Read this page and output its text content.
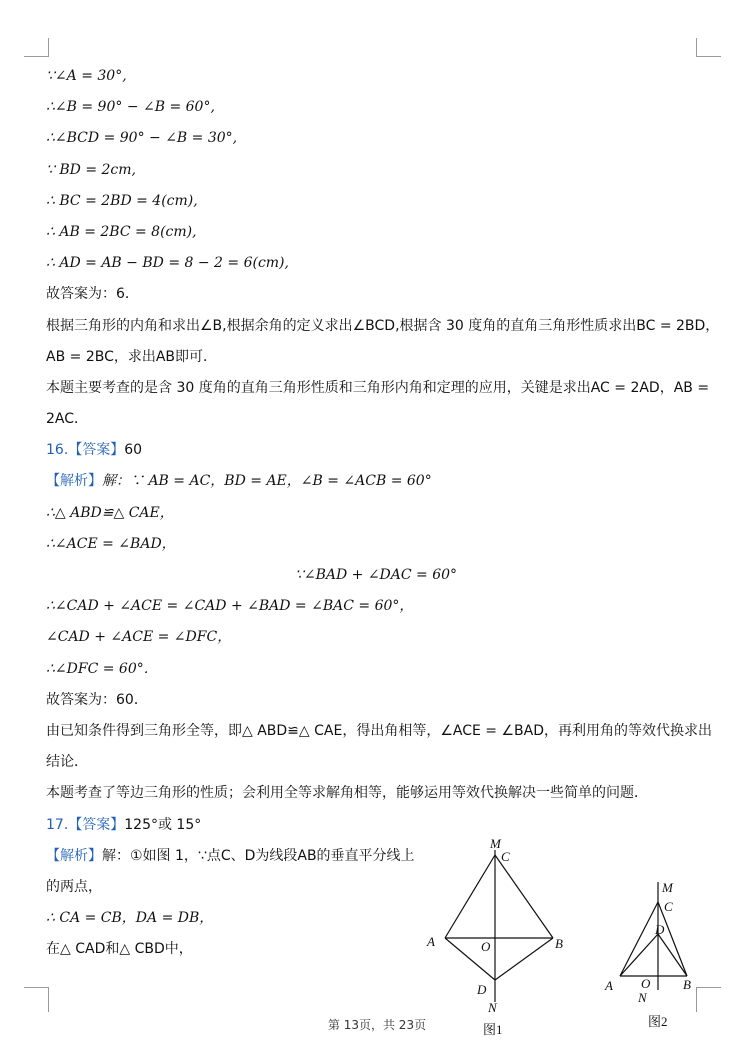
∵∠A = 30°,
∴∠B = 90° − ∠B = 60°,
∴∠BCD = 90° − ∠B = 30°,
∵ BD = 2cm,
∴ BC = 2BD = 4(cm),
∴ AB = 2BC = 8(cm),
∴ AD = AB − BD = 8 − 2 = 6(cm),
故答案为：6．
根据三角形的内角和求出∠B,根据余角的定义求出∠BCD,根据含 30 度角的直角三角形性质求出BC = 2BD，
AB = 2BC，求出AB即可．
本题主要考查的是含 30 度角的直角三角形性质和三角形内角和定理的应用，关键是求出AC = 2AD，AB =
2AC．
16.【答案】60
【解析】解：∵ AB = AC，BD = AE，∠B = ∠ACB = 60°
∴△ ABD≌△ CAE，
∴∠ACE = ∠BAD，
∵∠BAD + ∠DAC = 60°
∴∠CAD + ∠ACE = ∠CAD + ∠BAD = ∠BAC = 60°，
∠CAD + ∠ACE = ∠DFC，
∴∠DFC = 60°．
故答案为：60．
由已知条件得到三角形全等，即△ ABD≌△ CAE，得出角相等，∠ACE = ∠BAD，再利用角的等效代换求出
结论．
本题考查了等边三角形的性质；会利用全等求解角相等，能够运用等效代换解决一些简单的问题．
17.【答案】125°或 15°
【解析】解：①如图 1，∵点C、D为线段AB的垂直平分线上
的两点，
∴ CA = CB，DA = DB，
在△ CAD和△ CBD中，
M
C
A	O	B
D
N
图1
M
C
D
A O	B
N
图2
第 13页，共 23页
